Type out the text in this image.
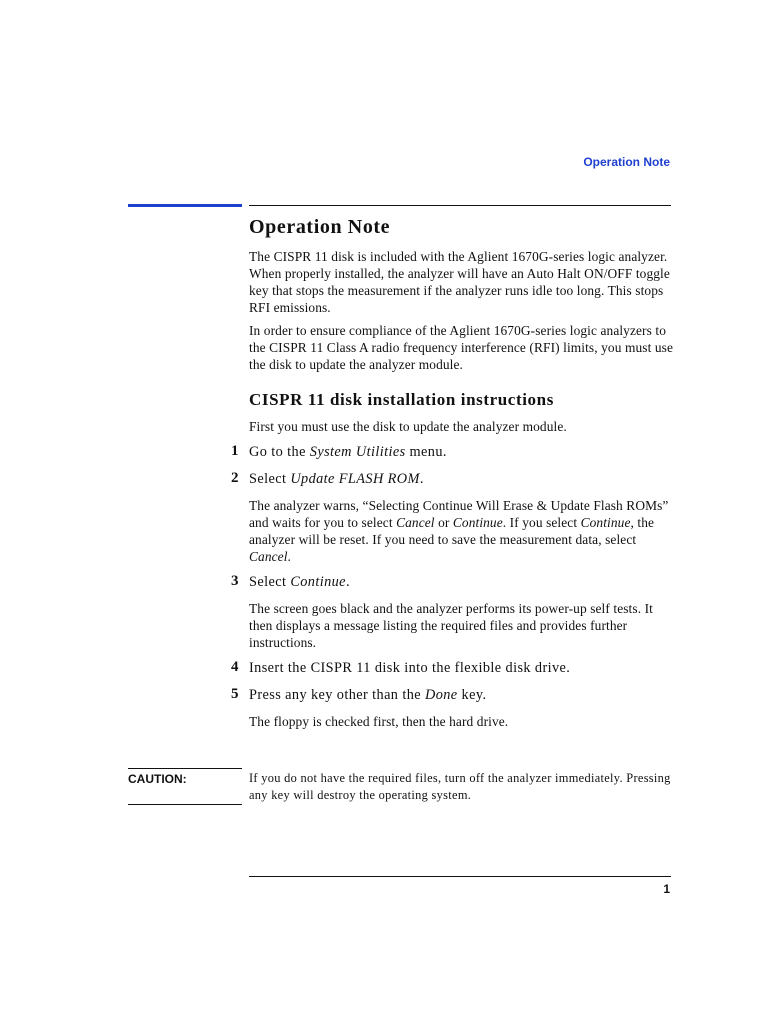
Operation Note
Operation Note

The CISPR 11 disk is included with the Aglient 1670G-series logic analyzer. When properly installed, the analyzer will have an Auto Halt ON/OFF toggle key that stops the measurement if the analyzer runs idle too long. This stops RFI emissions.

In order to ensure compliance of the Aglient 1670G-series logic analyzers to the CISPR 11 Class A radio frequency interference (RFI) limits, you must use the disk to update the analyzer module.

CISPR 11 disk installation instructions

First you must use the disk to update the analyzer module.

1 Go to the System Utilities menu.
2 Select Update FLASH ROM.

The analyzer warns, “Selecting Continue Will Erase & Update Flash ROMs” and waits for you to select Cancel or Continue. If you select Continue, the analyzer will be reset. If you need to save the measurement data, select Cancel.

3 Select Continue.

The screen goes black and the analyzer performs its power-up self tests. It then displays a message listing the required files and provides further instructions.

4 Insert the CISPR 11 disk into the flexible disk drive.
5 Press any key other than the Done key.

The floppy is checked first, then the hard drive.

CAUTION:	If you do not have the required files, turn off the analyzer immediately. Pressing any key will destroy the operating system.
1
